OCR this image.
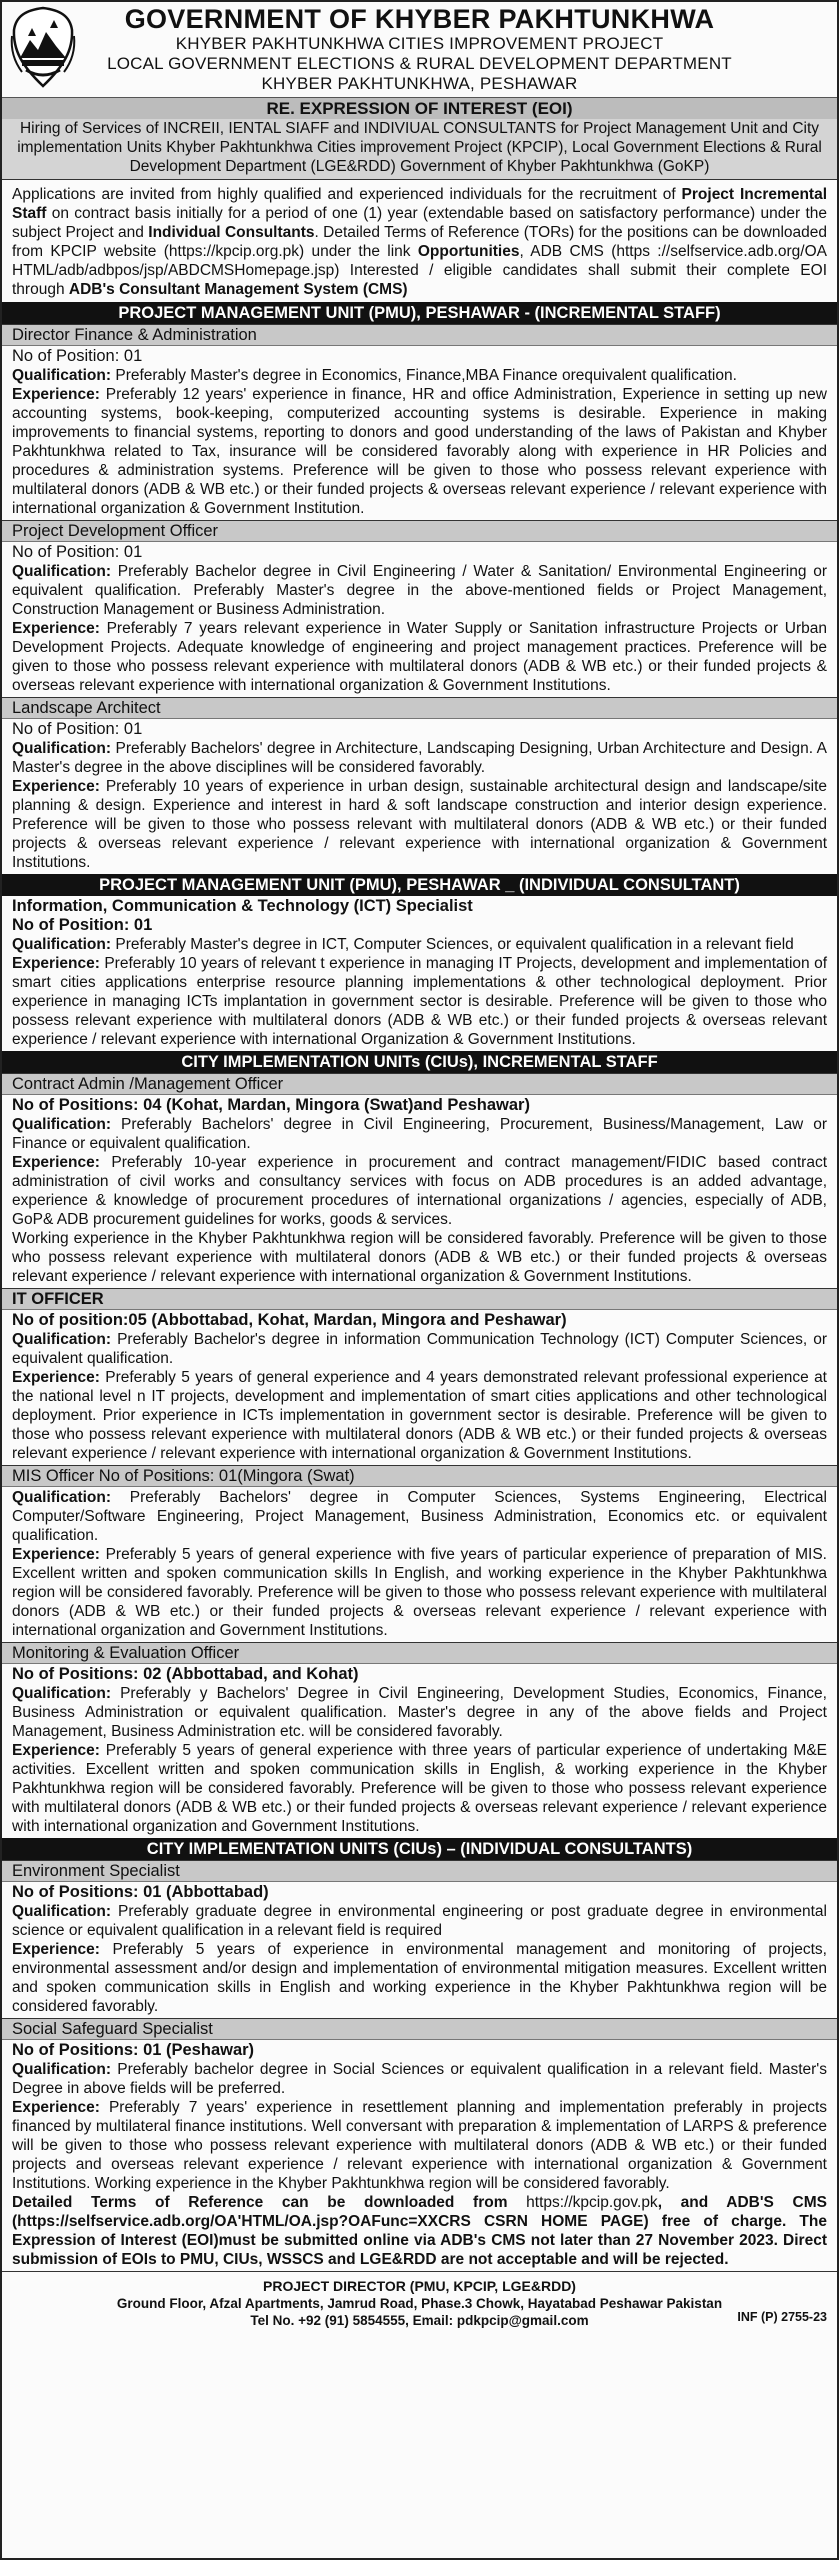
GOVERNMENT OF KHYBER PAKHTUNKHWA
KHYBER PAKHTUNKHWA CITIES IMPROVEMENT PROJECT
LOCAL GOVERNMENT ELECTIONS & RURAL DEVELOPMENT DEPARTMENT
KHYBER PAKHTUNKHWA, PESHAWAR
RE. EXPRESSION OF INTEREST (EOI)
Hiring of Services of INCREII, IENTAL SIAFF and INDIVIUAL CONSULTANTS for Project Management Unit and City implementation Units Khyber Pakhtunkhwa Cities improvement Project (KPCIP), Local Government Elections & Rural Development Department (LGE&RDD) Government of Khyber Pakhtunkhwa (GoKP)
Applications are invited from highly qualified and experienced individuals for the recruitment of Project Incremental Staff on contract basis initially for a period of one (1) year (extendable based on satisfactory performance) under the subject Project and Individual Consultants. Detailed Terms of Reference (TORs) for the positions can be downloaded from KPCIP website (https://kpcip.org.pk) under the link Opportunities, ADB CMS (https ://selfservice.adb.org/OA HTML/adb/adbpos/jsp/ABDCMSHomepage.jsp) Interested / eligible candidates shall submit their complete EOI through ADB's Consultant Management System (CMS)
PROJECT MANAGEMENT UNIT (PMU), PESHAWAR - (INCREMENTAL STAFF)
Director Finance & Administration
No of Position: 01
Qualification: Preferably Master's degree in Economics, Finance,MBA Finance orequivalent qualification.
Experience: Preferably 12 years' experience in finance, HR and office Administration, Experience in setting up new accounting systems, book-keeping, computerized accounting systems is desirable. Experience in making improvements to financial systems, reporting to donors and good understanding of the laws of Pakistan and Khyber Pakhtunkhwa related to Tax, insurance will be considered favorably along with experience in HR Policies and procedures & administration systems. Preference will be given to those who possess relevant experience with multilateral donors (ADB & WB etc.) or their funded projects & overseas relevant experience / relevant experience with international organization & Government Institution.
Project Development Officer
No of Position: 01
Qualification: Preferably Bachelor degree in Civil Engineering / Water & Sanitation/ Environmental Engineering or equivalent qualification. Preferably Master's degree in the above-mentioned fields or Project Management, Construction Management or Business Administration.
Experience: Preferably 7 years relevant experience in Water Supply or Sanitation infrastructure Projects or Urban Development Projects. Adequate knowledge of engineering and project management practices. Preference will be given to those who possess relevant experience with multilateral donors (ADB & WB etc.) or their funded projects & overseas relevant experience with international organization & Government Institutions.
Landscape Architect
No of Position: 01
Qualification: Preferably Bachelors' degree in Architecture, Landscaping Designing, Urban Architecture and Design. A Master's degree in the above disciplines will be considered favorably.
Experience: Preferably 10 years of experience in urban design, sustainable architectural design and landscape/site planning & design. Experience and interest in hard & soft landscape construction and interior design experience. Preference will be given to those who possess relevant with multilateral donors (ADB & WB etc.) or their funded projects & overseas relevant experience / relevant experience with international organization & Government Institutions.
PROJECT MANAGEMENT UNIT (PMU), PESHAWAR _ (INDIVIDUAL CONSULTANT)
Information, Communication & Technology (ICT) Specialist
No of Position: 01
Qualification: Preferably Master's degree in ICT, Computer Sciences, or equivalent qualification in a relevant field
Experience: Preferably 10 years of relevant t experience in managing IT Projects, development and implementation of smart cities applications enterprise resource planning implementations & other technological deployment. Prior experience in managing ICTs implantation in government sector is desirable. Preference will be given to those who possess relevant experience with multilateral donors (ADB & WB etc.) or their funded projects & overseas relevant experience / relevant experience with international Organization & Government Institutions.
CITY IMPLEMENTATION UNITs (CIUs), INCREMENTAL STAFF
Contract Admin /Management Officer
No of Positions: 04 (Kohat, Mardan, Mingora (Swat)and Peshawar)
Qualification: Preferably Bachelors' degree in Civil Engineering, Procurement, Business/Management, Law or Finance or equivalent qualification.
Experience: Preferably 10-year experience in procurement and contract management/FIDIC based contract administration of civil works and consultancy services with focus on ADB procedures is an added advantage, experience & knowledge of procurement procedures of international organizations / agencies, especially of ADB, GoP& ADB procurement guidelines for works, goods & services.
Working experience in the Khyber Pakhtunkhwa region will be considered favorably. Preference will be given to those who possess relevant experience with multilateral donors (ADB & WB etc.) or their funded projects & overseas relevant experience / relevant experience with international organization & Government Institutions.
IT OFFICER
No of position:05 (Abbottabad, Kohat, Mardan, Mingora and Peshawar)
Qualification: Preferably Bachelor's degree in information Communication Technology (ICT) Computer Sciences, or equivalent qualification.
Experience: Preferably 5 years of general experience and 4 years demonstrated relevant professional experience at the national level n IT projects, development and implementation of smart cities applications and other technological deployment. Prior experience in ICTs implementation in government sector is desirable. Preference will be given to those who possess relevant experience with multilateral donors (ADB & WB etc.) or their funded projects & overseas relevant experience / relevant experience with international organization & Government Institutions.
MIS Officer No of Positions: 01(Mingora (Swat)
Qualification: Preferably Bachelors' degree in Computer Sciences, Systems Engineering, Electrical Computer/Software Engineering, Project Management, Business Administration, Economics etc. or equivalent qualification.
Experience: Preferably 5 years of general experience with five years of particular experience of preparation of MIS. Excellent written and spoken communication skills In English, and working experience in the Khyber Pakhtunkhwa region will be considered favorably. Preference will be given to those who possess relevant experience with multilateral donors (ADB & WB etc.) or their funded projects & overseas relevant experience / relevant experience with international organization and Government Institutions.
Monitoring & Evaluation Officer
No of Positions: 02 (Abbottabad, and Kohat)
Qualification: Preferably y Bachelors' Degree in Civil Engineering, Development Studies, Economics, Finance, Business Administration or equivalent qualification. Master's degree in any of the above fields and Project Management, Business Administration etc. will be considered favorably.
Experience: Preferably 5 years of general experience with three years of particular experience of undertaking M&E activities. Excellent written and spoken communication skills in English, & working experience in the Khyber Pakhtunkhwa region will be considered favorably. Preference will be given to those who possess relevant experience with multilateral donors (ADB & WB etc.) or their funded projects & overseas relevant experience / relevant experience with international organization and Government Institutions.
CITY IMPLEMENTATION UNITS (CIUs) – (INDIVIDUAL CONSULTANTS)
Environment Specialist
No of Positions: 01 (Abbottabad)
Qualification: Preferably graduate degree in environmental engineering or post graduate degree in environmental science or equivalent qualification in a relevant field is required
Experience: Preferably 5 years of experience in environmental management and monitoring of projects, environmental assessment and/or design and implementation of environmental mitigation measures. Excellent written and spoken communication skills in English and working experience in the Khyber Pakhtunkhwa region will be considered favorably.
Social Safeguard Specialist
No of Positions: 01 (Peshawar)
Qualification: Preferably bachelor degree in Social Sciences or equivalent qualification in a relevant field. Master's Degree in above fields will be preferred.
Experience: Preferably 7 years' experience in resettlement planning and implementation preferably in projects financed by multilateral finance institutions. Well conversant with preparation & implementation of LARPS & preference will be given to those who possess relevant experience with multilateral donors (ADB & WB etc.) or their funded projects and overseas relevant experience / relevant experience with international organization & Government Institutions. Working experience in the Khyber Pakhtunkhwa region will be considered favorably.
Detailed Terms of Reference can be downloaded from https://kpcip.gov.pk, and ADB'S CMS (https://selfservice.adb.org/OA'HTML/OA.jsp?OAFunc=XXCRS CSRN HOME PAGE) free of charge. The Expression of Interest (EOI)must be submitted online via ADB's CMS not later than 27 November 2023. Direct submission of EOIs to PMU, CIUs, WSSCS and LGE&RDD are not acceptable and will be rejected.
PROJECT DIRECTOR (PMU, KPCIP, LGE&RDD)
Ground Floor, Afzal Apartments, Jamrud Road, Phase.3 Chowk, Hayatabad Peshawar Pakistan
Tel No. +92 (91) 5854555, Email: pdkpcip@gmail.com	INF (P) 2755-23
